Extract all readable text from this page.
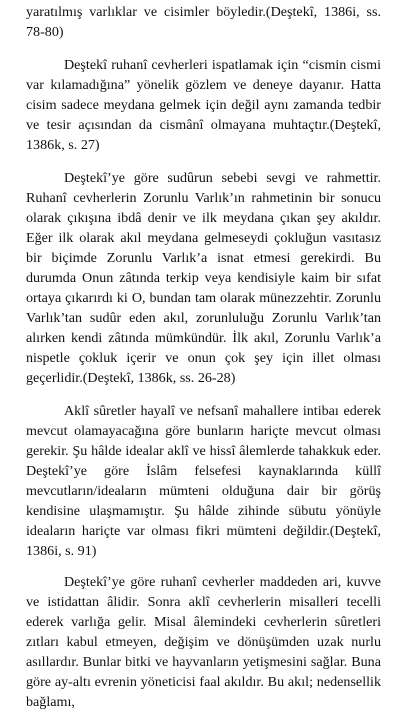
yaratılmış varlıklar ve cisimler böyledir.(Deştekî, 1386i, ss. 78-80)

Deştekî ruhanî cevherleri ispatlamak için “cismin cismi var kılamadığına” yönelik gözlem ve deneye dayanır. Hatta cisim sadece meydana gelmek için değil aynı zamanda tedbir ve tesir açısından da cismânî olmayana muhtaçtır.(Deştekî, 1386k, s. 27)

Deştekî’ye göre sudûrun sebebi sevgi ve rahmettir. Ruhanî cevherlerin Zorunlu Varlık’ın rahmetinin bir sonucu olarak çıkışına ibdâ denir ve ilk meydana çıkan şey akıldır. Eğer ilk olarak akıl meydana gelmeseydi çokluğun vasıtasız bir biçimde Zorunlu Varlık’a isnat etmesi gerekirdi. Bu durumda Onun zâtında terkip veya kendisiyle kaim bir sıfat ortaya çıkarırdı ki O, bundan tam olarak münezzehtir. Zorunlu Varlık’tan sudûr eden akıl, zorunluluğu Zorunlu Varlık’tan alırken kendi zâtında mümkündür. İlk akıl, Zorunlu Varlık’a nispetle çokluk içerir ve onun çok şey için illet olması geçerlidir.(Deştekî, 1386k, ss. 26-28)

Aklî sûretler hayalî ve nefsanî mahallere intibaı ederek mevcut olamayacağına göre bunların hariçte mevcut olması gerekir. Şu hâlde idealar aklî ve hissî âlemlerde tahakkuk eder. Deştekî’ye göre İslâm felsefesi kaynaklarında küllî mevcutların/ideaların mümteni olduğuna dair bir görüş kendisine ulaşmamıştır. Şu hâlde zihinde sübutu yönüyle ideaların hariçte var olması fikri mümteni değildir.(Deştekî, 1386i, s. 91)

Deştekî’ye göre ruhanî cevherler maddeden ari, kuvve ve istidattan âlidir. Sonra aklî cevherlerin misalleri tecelli ederek varlığa gelir. Misal âlemindeki cevherlerin sûretleri zıtları kabul etmeyen, değişim ve dönüşümden uzak nurlu asıllardır. Bunlar bitki ve hayvanların yetişmesini sağlar. Buna göre ay-altı evrenin yöneticisi faal akıldır. Bu akıl; nedensellik bağlamı,
